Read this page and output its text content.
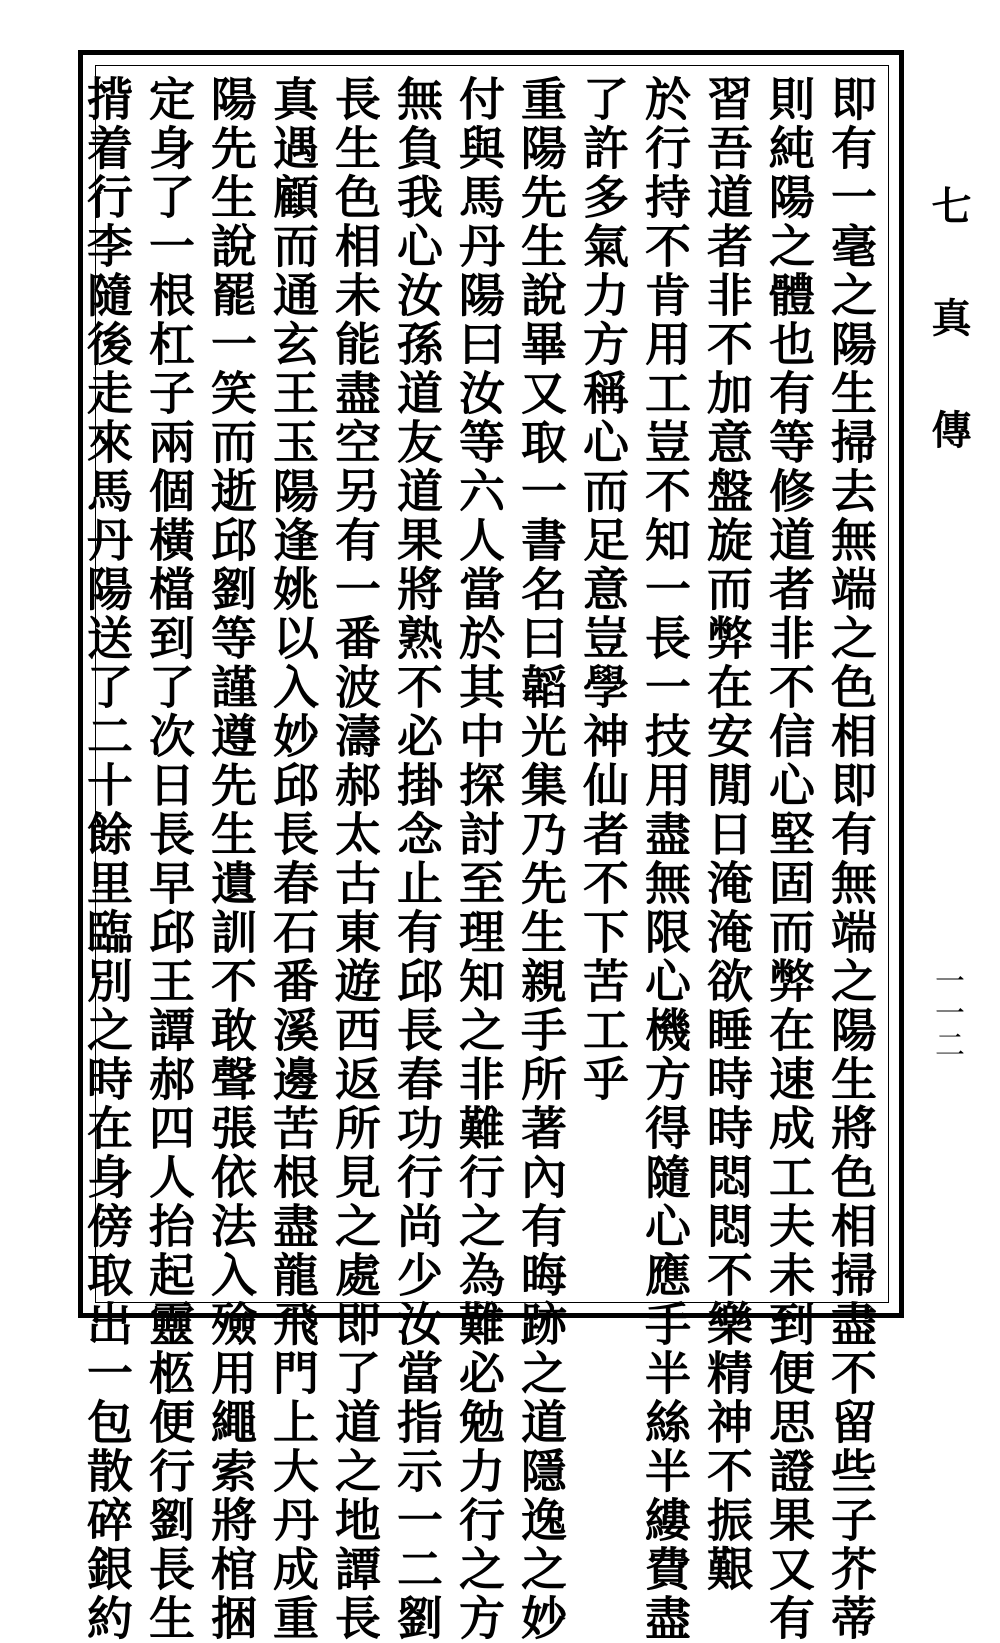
即有一毫之陽生掃去無端之色相即有無端之陽生將色相掃盡不留些子芥蒂
則純陽之體也有等修道者非不信心堅固而弊在速成工夫未到便思證果又有
習吾道者非不加意盤旋而弊在安閒日淹淹欲睡時時悶悶不樂精神不振艱
於行持不肯用工豈不知一長一技用盡無限心機方得隨心應手半絲半縷費盡
了許多氣力方稱心而足意豈學神仙者不下苦工乎
重陽先生說畢又取一書名曰韜光集乃先生親手所著內有晦跡之道隱逸之妙
付與馬丹陽曰汝等六人當於其中探討至理知之非難行之為難必勉力行之方
無負我心汝孫道友道果將熟不必掛念止有邱長春功行尚少汝當指示一二劉
長生色相未能盡空另有一番波濤郝太古東遊西返所見之處即了道之地譚長
真遇顧而通玄王玉陽逢姚以入妙邱長春石番溪邊苦根盡龍飛門上大丹成重
陽先生說罷一笑而逝邱劉等謹遵先生遺訓不敢聲張依法入殮用繩索將棺捆
定身了一根杠子兩個橫檔到了次日長早邱王譚郝四人抬起靈柩便行劉長生
揹着行李隨後走來馬丹陽送了二十餘里臨別之時在身傍取出一包散碎銀約	七真傳
一一二
